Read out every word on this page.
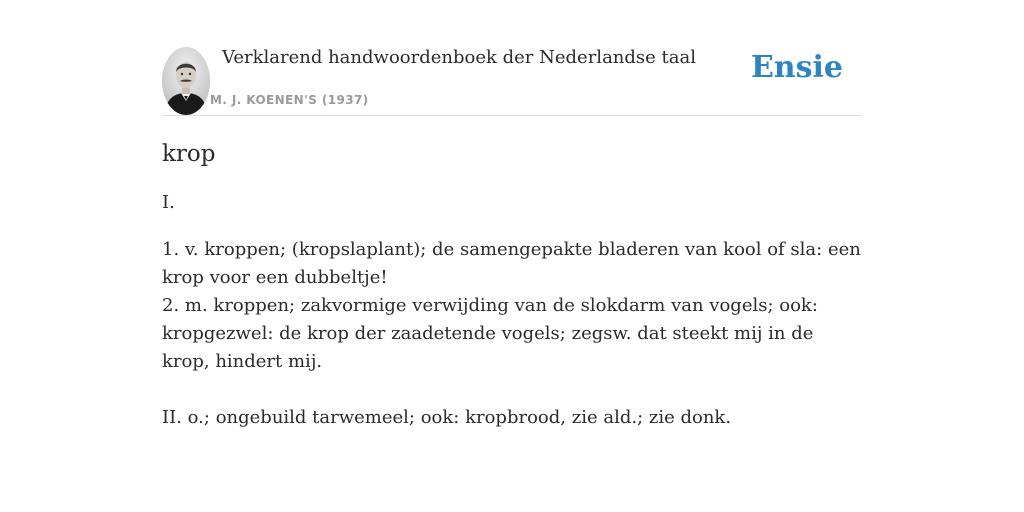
Verklarend handwoordenboek der Nederlandse taal
M. J. KOENEN'S (1937)
Ensie
krop
I.
1. v. kroppen; (kropslaplant); de samengepakte bladeren van kool of sla: een krop voor een dubbeltje!
2. m. kroppen; zakvormige verwijding van de slokdarm van vogels; ook: kropgezwel: de krop der zaadetende vogels; zegsw. dat steekt mij in de krop, hindert mij.
II. o.; ongebuild tarwemeel; ook: kropbrood, zie ald.; zie donk.
